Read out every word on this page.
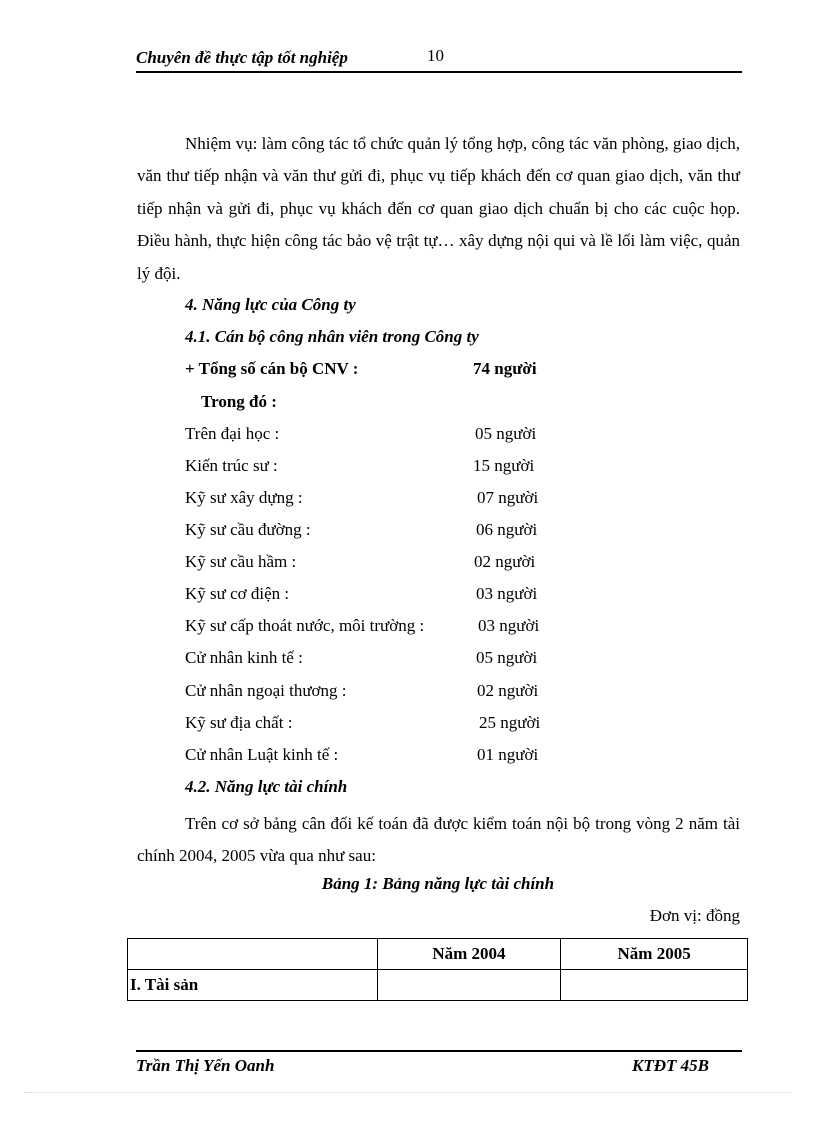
Chuyên đề thực tập tốt nghiệp	10

Nhiệm vụ: làm công tác tổ chức quản lý tổng hợp, công tác văn phòng, giao dịch, văn thư tiếp nhận và văn thư gửi đi, phục vụ tiếp khách đến cơ quan giao dịch, văn thư tiếp nhận và gửi đi, phục vụ khách đến cơ quan giao dịch chuẩn bị cho các cuộc họp. Điều hành, thực hiện công tác bảo vệ trật tự… xây dựng nội qui và lề lối làm việc, quản lý đội.

4. Năng lực của Công ty
4.1. Cán bộ công nhân viên trong Công ty
+ Tổng số cán bộ CNV :	74 người
Trong đó :
Trên đại học :	05 người
Kiến trúc sư :	15 người
Kỹ sư xây dựng :	07 người
Kỹ sư cầu đường :	06 người
Kỹ sư cầu hầm :	02 người
Kỹ sư cơ điện :	03 người
Kỹ sư cấp thoát nước, môi trường :	03 người
Cử nhân kinh tế :	05 người
Cử nhân ngoại thương :	02 người
Kỹ sư địa chất :	25 người
Cử nhân Luật kinh tế :	01 người
4.2. Năng lực tài chính

Trên cơ sở bảng cân đối kế toán đã được kiểm toán nội bộ trong vòng 2 năm tài chính 2004, 2005 vừa qua như sau:

Bảng 1: Bảng năng lực tài chính
Đơn vị: đồng
	Năm 2004	Năm 2005
I. Tài sản		
Trần Thị Yến Oanh	KTĐT 45B
